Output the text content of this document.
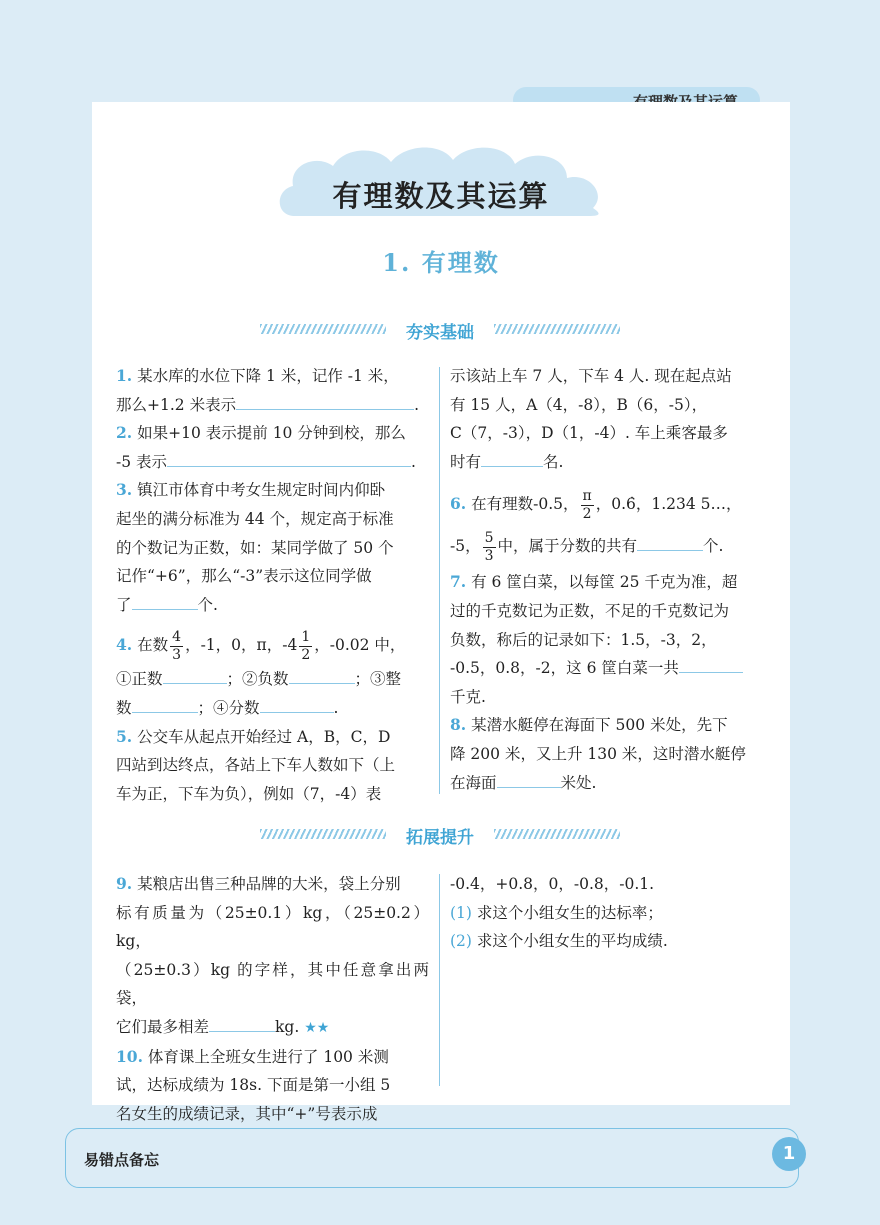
有理数及其运算
1. 有理数
夯实基础

1. 某水库的水位下降 1 米，记作 -1 米，

那么+1.2 米表示	.

2. 如果+10 表示提前 10 分钟到校，那么

-5 表示	.

3. 镇江市体育中考女生规定时间内仰卧

起坐的满分标准为 44 个，规定高于标准

的个数记为正数，如：某同学做了 50 个

记作“+6”，那么“-3”表示这位同学做

了	个.

4. 在数 $\frac{4}{3}$ ，-1，0，π，$-4 \frac{1}{2}$ ，-0.02 中，

①正数	；②负数	；③整

数	；④分数	.

5. 公交车从起点开始经过 A，B，C，D

四站到达终点，各站上下车人数如下（上

车为正，下车为负），例如（7，-4）表

示该站上车 7 人，下车 4 人. 现在起点站

有 15 人，A（4，-8），B（6，-5），

C（7，-3），D（1，-4）. 车上乘客最多

时有	名.

6. 在有理数-0.5， $\frac{\pi}{2}$ ，0.6̇，1.234 5…，

-5， $\frac{5}{3}$ 中，属于分数的共有	个.

7. 有 6 筐白菜，以每筐 25 千克为准，超

过的千克数记为正数，不足的千克数记为

负数，称后的记录如下：1.5，-3，2，

-0.5，0.8，-2，这 6 筐白菜一共

千克.

8. 某潜水艇停在海面下 500 米处，先下

降 200 米，又上升 130 米，这时潜水艇停

在海面	米处.

拓展提升

9. 某粮店出售三种品牌的大米，袋上分别

标有质量为（25±0.1）kg，（25±0.2）kg，

（25±0.3）kg 的字样，其中任意拿出两袋，

它们最多相差	kg. ★★

10. 体育课上全班女生进行了 100 米测

试，达标成绩为 18s. 下面是第一小组 5

名女生的成绩记录，其中“+”号表示成

-0.4，+0.8，0，-0.8，-0.1.

(1) 求这个小组女生的达标率；

(2) 求这个小组女生的平均成绩.

易错点备忘	1
